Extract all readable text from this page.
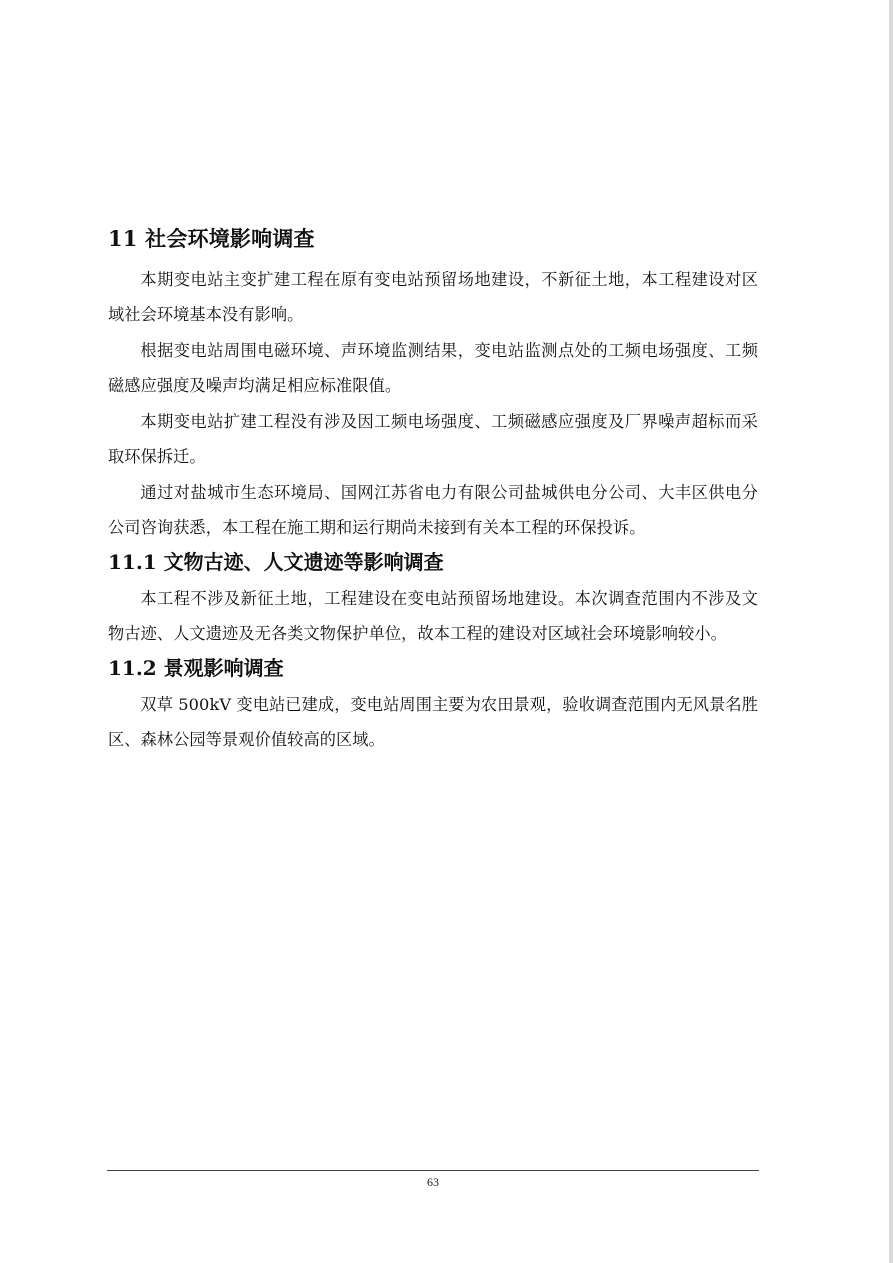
11 社会环境影响调查

本期变电站主变扩建工程在原有变电站预留场地建设，不新征土地，本工程建设对区域社会环境基本没有影响。

根据变电站周围电磁环境、声环境监测结果，变电站监测点处的工频电场强度、工频磁感应强度及噪声均满足相应标准限值。

本期变电站扩建工程没有涉及因工频电场强度、工频磁感应强度及厂界噪声超标而采取环保拆迁。

通过对盐城市生态环境局、国网江苏省电力有限公司盐城供电分公司、大丰区供电分公司咨询获悉，本工程在施工期和运行期尚未接到有关本工程的环保投诉。

11.1 文物古迹、人文遗迹等影响调查

本工程不涉及新征土地，工程建设在变电站预留场地建设。本次调查范围内不涉及文物古迹、人文遗迹及无各类文物保护单位，故本工程的建设对区域社会环境影响较小。

11.2 景观影响调查

双草 500kV 变电站已建成，变电站周围主要为农田景观，验收调查范围内无风景名胜区、森林公园等景观价值较高的区域。

63
